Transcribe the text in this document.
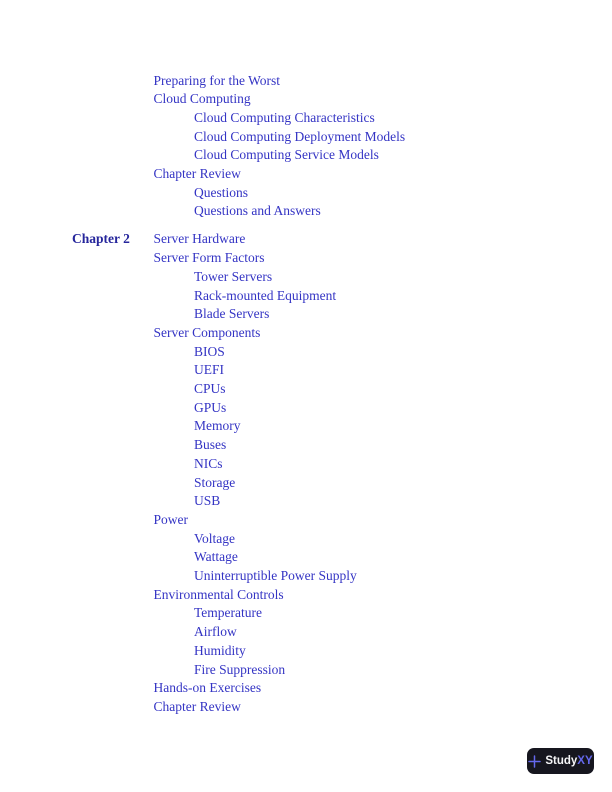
Preparing for the Worst
Cloud Computing
Cloud Computing Characteristics
Cloud Computing Deployment Models
Cloud Computing Service Models
Chapter Review
Questions
Questions and Answers
Chapter 2 Server Hardware
Server Form Factors
Tower Servers
Rack-mounted Equipment
Blade Servers
Server Components
BIOS
UEFI
CPUs
GPUs
Memory
Buses
NICs
Storage
USB
Power
Voltage
Wattage
Uninterruptible Power Supply
Environmental Controls
Temperature
Airflow
Humidity
Fire Suppression
Hands-on Exercises
Chapter Review
StudyXY
